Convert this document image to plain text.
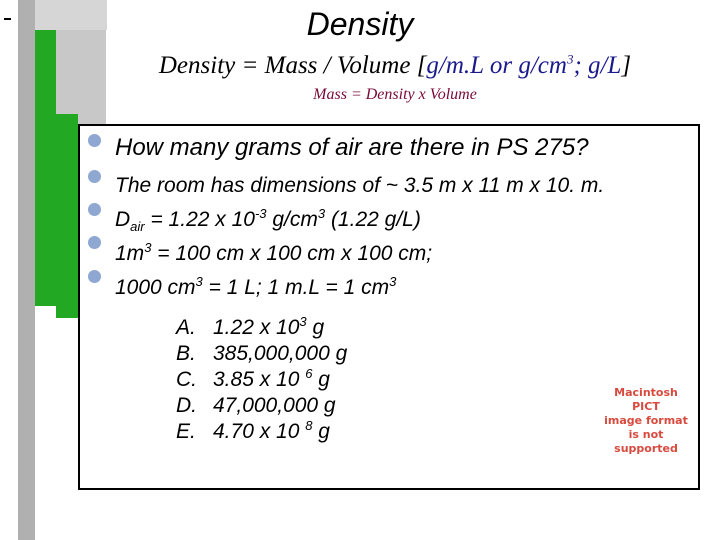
Density
Density = Mass / Volume [g/m.L or $g/cm^3$; g/L]
Mass = Density x Volume
How many grams of air are there in PS 275?
The room has dimensions of ~ 3.5 m x 11 m x 10. m.
$D_{air} = 1.22$ x $10^{-3}$ $g/cm^3$ (1.22 g/L)
$1m^3 = 100$ cm x 100 cm x 100 cm;
1000 $cm^3 = 1$ L; 1 m.L = 1 $cm^3$
A. 1.22 x $10^3$ g
B. 385,000,000 g
C. 3.85 x 10 $^6$ g
D. 47,000,000 g
E. 4.70 x 10 $^8$ g
Macintosh PICT
image format
is not supported
